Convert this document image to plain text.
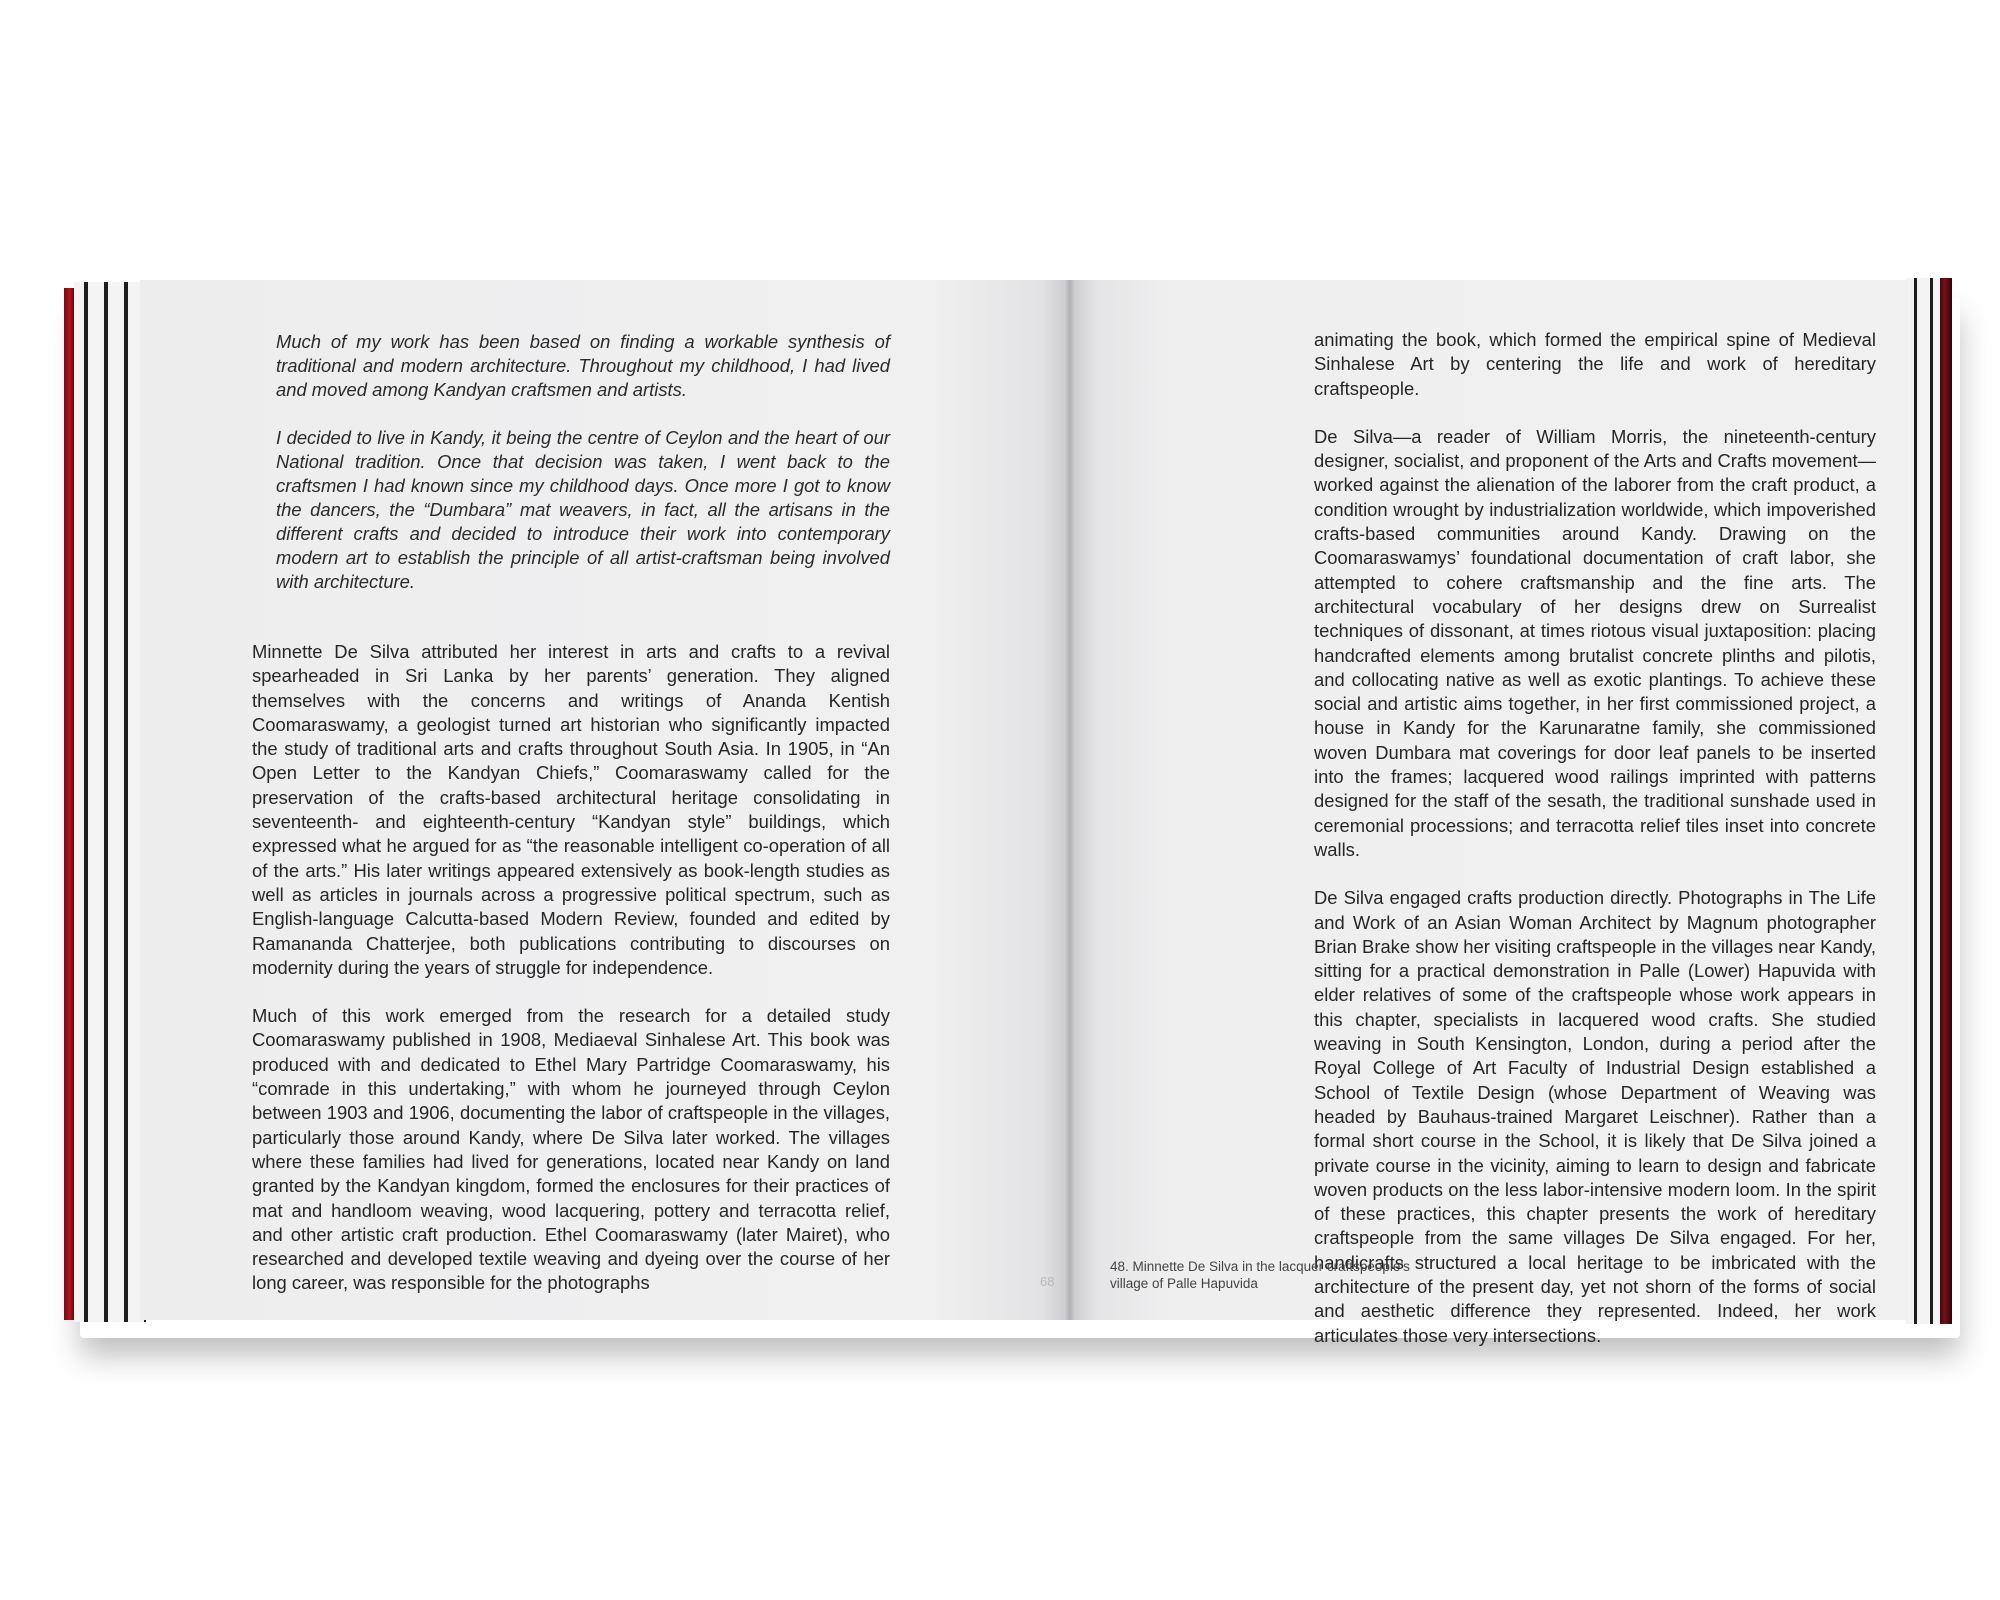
Much of my work has been based on finding a workable synthesis of traditional and modern architecture. Throughout my childhood, I had lived and moved among Kandyan craftsmen and artists.

I decided to live in Kandy, it being the centre of Ceylon and the heart of our National tradition. Once that decision was taken, I went back to the craftsmen I had known since my childhood days. Once more I got to know the dancers, the “Dumbara” mat weavers, in fact, all the artisans in the different crafts and decided to introduce their work into contemporary modern art to establish the principle of all artist-craftsman being involved with architecture.

Minnette De Silva attributed her interest in arts and crafts to a revival spearheaded in Sri Lanka by her parents’ generation. They aligned themselves with the concerns and writings of Ananda Kentish Coomaraswamy, a geologist turned art historian who significantly impacted the study of traditional arts and crafts throughout South Asia. In 1905, in “An Open Letter to the Kandyan Chiefs,” Coomaraswamy called for the preservation of the crafts-based architectural heritage consolidating in seventeenth- and eighteenth-century “Kandyan style” buildings, which expressed what he argued for as “the reasonable intelligent co-operation of all of the arts.” His later writings appeared extensively as book-length studies as well as articles in journals across a progressive political spectrum, such as English-language Calcutta-based Modern Review, founded and edited by Ramananda Chatterjee, both publications contributing to discourses on modernity during the years of struggle for independence.

Much of this work emerged from the research for a detailed study Coomaraswamy published in 1908, Mediaeval Sinhalese Art. This book was produced with and dedicated to Ethel Mary Partridge Coomaraswamy, his “comrade in this undertaking,” with whom he journeyed through Ceylon between 1903 and 1906, documenting the labor of craftspeople in the villages, particularly those around Kandy, where De Silva later worked. The villages where these families had lived for generations, located near Kandy on land granted by the Kandyan kingdom, formed the enclosures for their practices of mat and handloom weaving, wood lacquering, pottery and terracotta relief, and other artistic craft production. Ethel Coomaraswamy (later Mairet), who researched and developed textile weaving and dyeing over the course of her long career, was responsible for the photographs	68

animating the book, which formed the empirical spine of Medieval Sinhalese Art by centering the life and work of hereditary craftspeople.

De Silva—a reader of William Morris, the nineteenth-century designer, socialist, and proponent of the Arts and Crafts movement—worked against the alienation of the laborer from the craft product, a condition wrought by industrialization worldwide, which impoverished crafts-based communities around Kandy. Drawing on the Coomaraswamys’ foundational documentation of craft labor, she attempted to cohere craftsmanship and the fine arts. The architectural vocabulary of her designs drew on Surrealist techniques of dissonant, at times riotous visual juxtaposition: placing handcrafted elements among brutalist concrete plinths and pilotis, and collocating native as well as exotic plantings. To achieve these social and artistic aims together, in her first commissioned project, a house in Kandy for the Karunaratne family, she commissioned woven Dumbara mat coverings for door leaf panels to be inserted into the frames; lacquered wood railings imprinted with patterns designed for the staff of the sesath, the traditional sunshade used in ceremonial processions; and terracotta relief tiles inset into concrete walls.

De Silva engaged crafts production directly. Photographs in The Life and Work of an Asian Woman Architect by Magnum photographer Brian Brake show her visiting craftspeople in the villages near Kandy, sitting for a practical demonstration in Palle (Lower) Hapuvida with elder relatives of some of the craftspeople whose work appears in this chapter, specialists in lacquered wood crafts. She studied weaving in South Kensington, London, during a period after the Royal College of Art Faculty of Industrial Design established a School of Textile Design (whose Department of Weaving was headed by Bauhaus-trained Margaret Leischner). Rather than a formal short course in the School, it is likely that De Silva joined a private course in the vicinity, aiming to learn to design and fabricate woven products on the less labor-intensive modern loom. In the spirit of these practices, this chapter presents the work of hereditary craftspeople from the same villages De Silva engaged. For her, handicrafts structured a local heritage to be imbricated with the architecture of the present day, yet not shorn of the forms of social and aesthetic difference they represented. Indeed, her work articulates those very intersections.

48. Minnette De Silva in the lacquer craftspeople’s village of Palle Hapuvida
